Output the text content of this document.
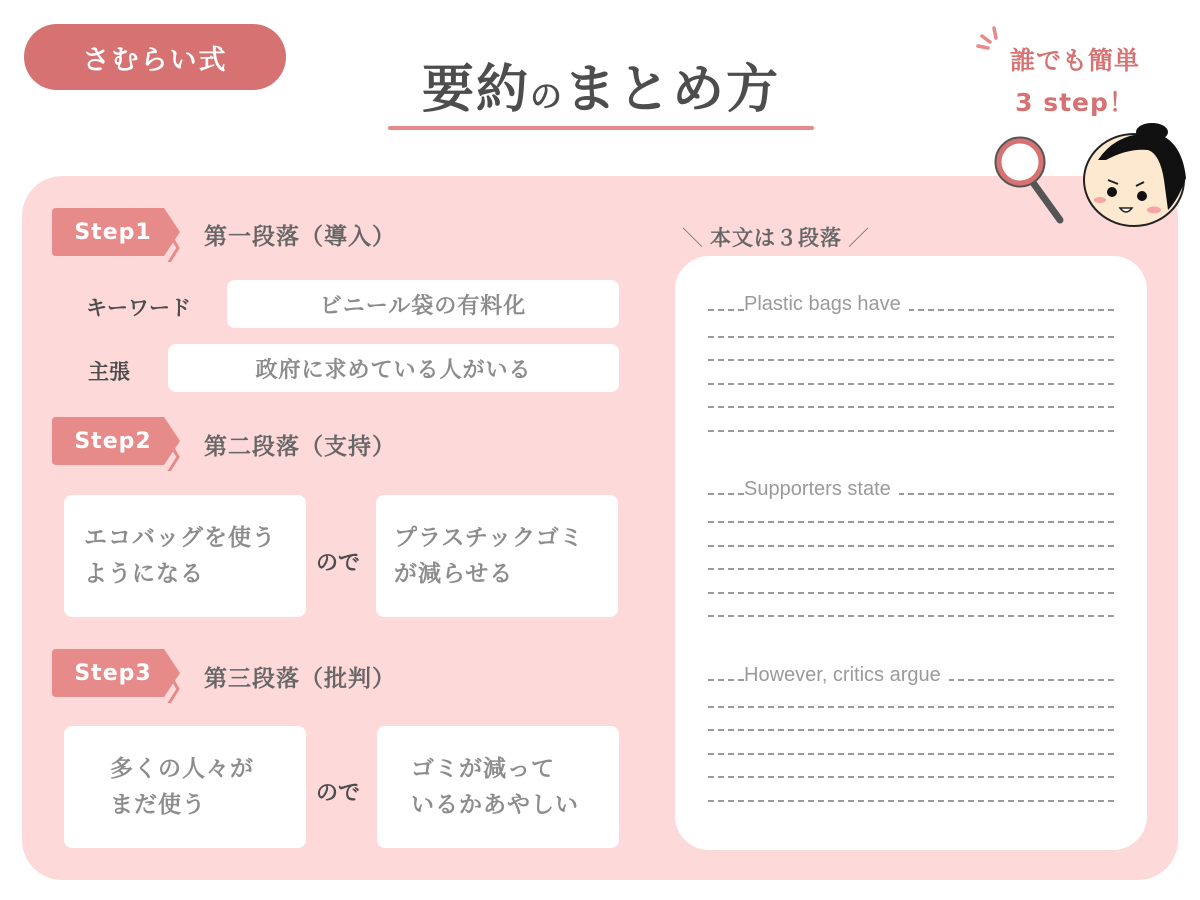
さむらい式	要約のまとめ方	誰でも簡単
3 step！
Step1	第一段落（導入）
キーワード	ビニール袋の有料化
主張	政府に求めている人がいる
Step2	第二段落（支持）
エコバッグを使う
ようになる	ので
プラスチックゴミ
が減らせる
Step3	第三段落（批判）
多くの人々が
まだ使う	ので
ゴミが減って
いるかあやしい
＼ 本文は３段落 ／
Plastic bags have
Supporters state
However, critics argue
